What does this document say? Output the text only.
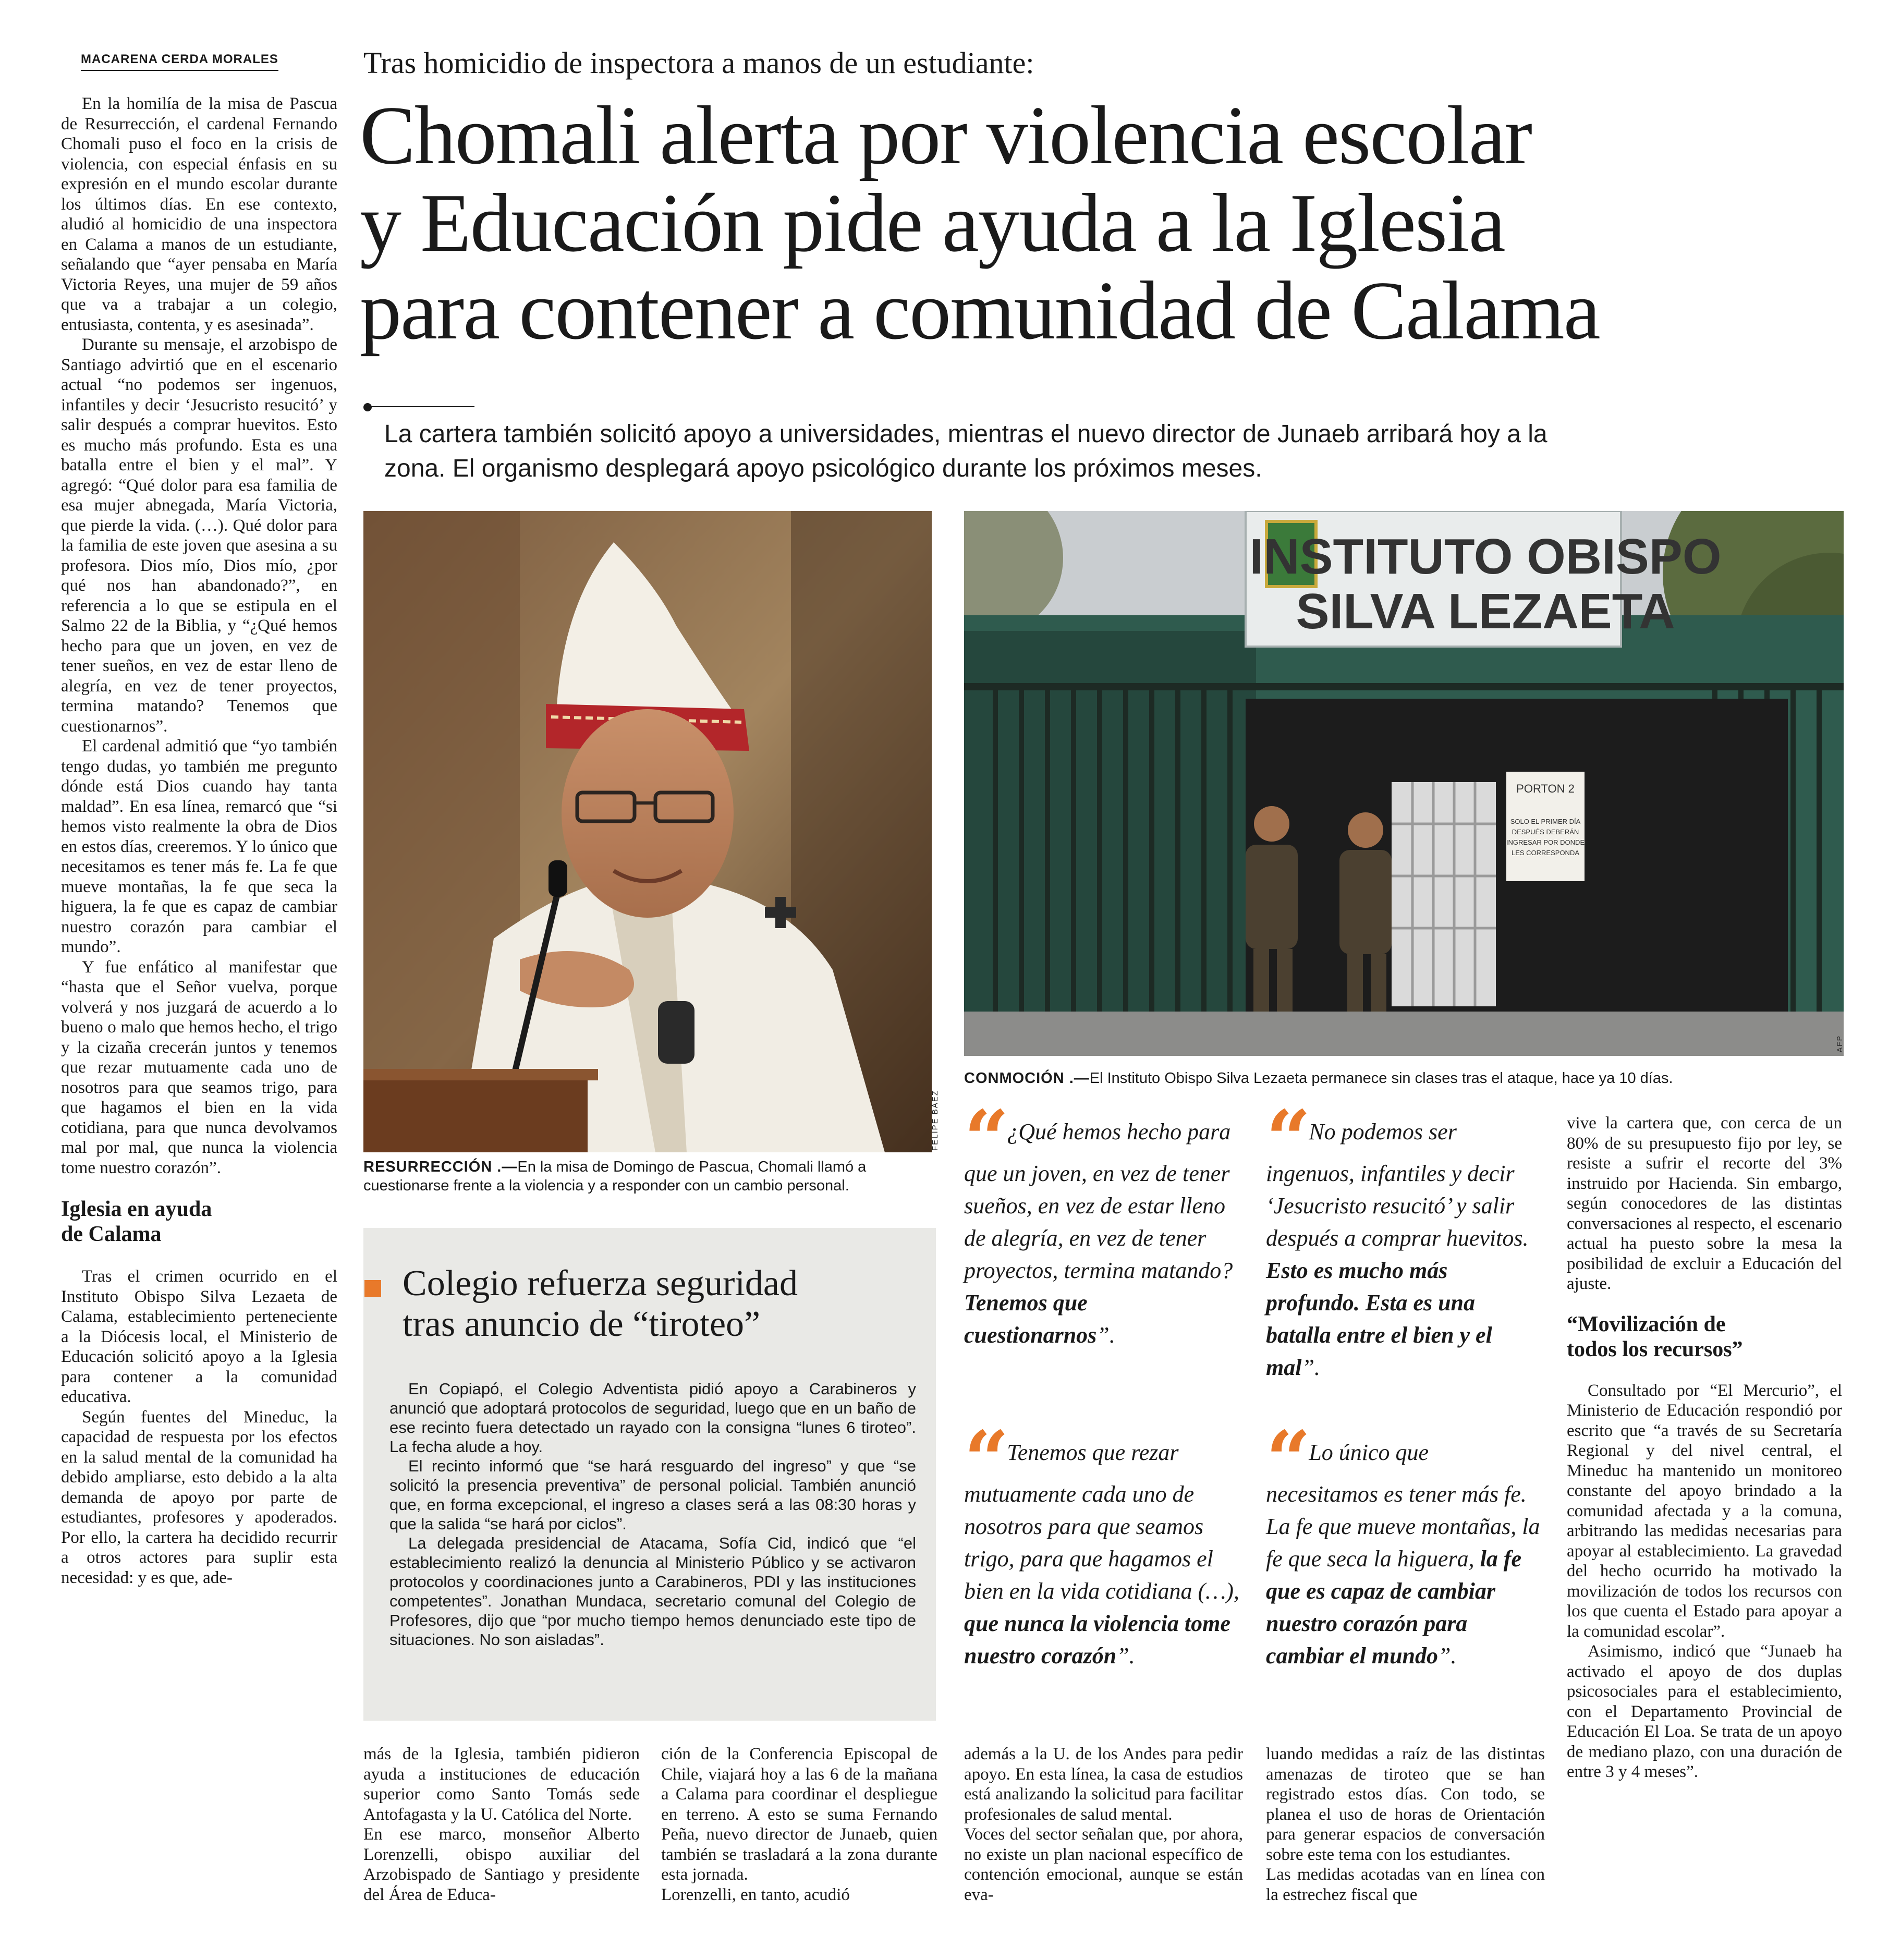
MACARENA CERDA MORALES

En la homilía de la misa de Pascua de Resurrección, el cardenal Fernando Chomali puso el foco en la crisis de violencia, con especial énfasis en su expresión en el mundo escolar durante los últimos días. En ese contexto, aludió al homicidio de una inspectora en Calama a manos de un estudiante, señalando que “ayer pensaba en María Victoria Reyes, una mujer de 59 años que va a trabajar a un colegio, entusiasta, contenta, y es asesinada”.

Durante su mensaje, el arzobispo de Santiago advirtió que en el escenario actual “no podemos ser ingenuos, infantiles y decir ‘Jesucristo resucitó’ y salir después a comprar huevitos. Esto es mucho más profundo. Esta es una batalla entre el bien y el mal”. Y agregó: “Qué dolor para esa familia de esa mujer abnegada, María Victoria, que pierde la vida. (…). Qué dolor para la familia de este joven que asesina a su profesora. Dios mío, Dios mío, ¿por qué nos han abandonado?”, en referencia a lo que se estipula en el Salmo 22 de la Biblia, y “¿Qué hemos hecho para que un joven, en vez de tener sueños, en vez de estar lleno de alegría, en vez de tener proyectos, termina matando? Tenemos que cuestionarnos”.

El cardenal admitió que “yo también tengo dudas, yo también me pregunto dónde está Dios cuando hay tanta maldad”. En esa línea, remarcó que “si hemos visto realmente la obra de Dios en estos días, creeremos. Y lo único que necesitamos es tener más fe. La fe que mueve montañas, la fe que seca la higuera, la fe que es capaz de cambiar nuestro corazón para cambiar el mundo”.

Y fue enfático al manifestar que “hasta que el Señor vuelva, porque volverá y nos juzgará de acuerdo a lo bueno o malo que hemos hecho, el trigo y la cizaña crecerán juntos y tenemos que rezar mutuamente cada uno de nosotros para que seamos trigo, para que hagamos el bien en la vida cotidiana, para que nunca devolvamos mal por mal, que nunca la violencia tome nuestro corazón”.

Iglesia en ayuda
de Calama

Tras el crimen ocurrido en el Instituto Obispo Silva Lezaeta de Calama, establecimiento perteneciente a la Diócesis local, el Ministerio de Educación solicitó apoyo a la Iglesia para contener a la comunidad educativa.

Según fuentes del Mineduc, la capacidad de respuesta por los efectos en la salud mental de la comunidad ha debido ampliarse, esto debido a la alta demanda de apoyo por parte de estudiantes, profesores y apoderados. Por ello, la cartera ha decidido recurrir a otros actores para suplir esta necesidad: y es que, ade-

Tras homicidio de inspectora a manos de un estudiante:
Chomali alerta por violencia escolar
y Educación pide ayuda a la Iglesia
para contener a comunidad de Calama
La cartera también solicitó apoyo a universidades, mientras el nuevo director de Junaeb arribará hoy a la
zona. El organismo desplegará apoyo psicológico durante los próximos meses.
FELIPE BÁEZ
RESURRECCIÓN .—En la misa de Domingo de Pascua, Chomali llamó a cuestionarse frente a la violencia y a responder con un cambio personal.
INSTITUTO OBISPO
SILVA LEZAETA
PORTON 2
SOLO EL PRIMER DÍA
DESPUÉS DEBERÁN
INGRESAR POR DONDE
LES CORRESPONDA
AFP
CONMOCIÓN .—El Instituto Obispo Silva Lezaeta permanece sin clases tras el ataque, hace ya 10 días.
Colegio refuerza seguridad
tras anuncio de “tiroteo”

En Copiapó, el Colegio Adventista pidió apoyo a Carabineros y anunció que adoptará protocolos de seguridad, luego que en un baño de ese recinto fuera detectado un rayado con la consigna “lunes 6 tiroteo”. La fecha alude a hoy.

El recinto informó que “se hará resguardo del ingreso” y que “se solicitó la presencia preventiva” de personal policial. También anunció que, en forma excepcional, el ingreso a clases será a las 08:30 horas y que la salida “se hará por ciclos”.

La delegada presidencial de Atacama, Sofía Cid, indicó que “el establecimiento realizó la denuncia al Ministerio Público y se activaron protocolos y coordinaciones junto a Carabineros, PDI y las instituciones competentes”. Jonathan Mundaca, secretario comunal del Colegio de Profesores, dijo que “por mucho tiempo hemos denunciado este tipo de situaciones. No son aisladas”.

“ ¿Qué hemos hecho para que un joven, en vez de tener sueños, en vez de estar lleno de alegría, en vez de tener proyectos, termina matando? Tenemos que cuestionarnos”.
“ No podemos ser ingenuos, infantiles y decir ‘Jesucristo resucitó’ y salir después a comprar huevitos. Esto es mucho más profundo. Esta es una batalla entre el bien y el mal”.
“ Tenemos que rezar mutuamente cada uno de nosotros para que seamos trigo, para que hagamos el bien en la vida cotidiana (…), que nunca la violencia tome nuestro corazón”.
“ Lo único que necesitamos es tener más fe. La fe que mueve montañas, la fe que seca la higuera, la fe que es capaz de cambiar nuestro corazón para cambiar el mundo”.

vive la cartera que, con cerca de un 80% de su presupuesto fijo por ley, se resiste a sufrir el recorte del 3% instruido por Hacienda. Sin embargo, según conocedores de las distintas conversaciones al respecto, el escenario actual ha puesto sobre la mesa la posibilidad de excluir a Educación del ajuste.

“Movilización de
todos los recursos”

Consultado por “El Mercurio”, el Ministerio de Educación respondió por escrito que “a través de su Secretaría Regional y del nivel central, el Mineduc ha mantenido un monitoreo constante del apoyo brindado a la comunidad afectada y a la comuna, arbitrando las medidas necesarias para apoyar al establecimiento. La gravedad del hecho ocurrido ha motivado la movilización de todos los recursos con los que cuenta el Estado para apoyar a la comunidad escolar”.

Asimismo, indicó que “Junaeb ha activado el apoyo de dos duplas psicosociales para el establecimiento, con el Departamento Provincial de Educación El Loa. Se trata de un apoyo de mediano plazo, con una duración de entre 3 y 4 meses”.

más de la Iglesia, también pidieron ayuda a instituciones de educación superior como Santo Tomás sede Antofagasta y la U. Católica del Norte.
En ese marco, monseñor Alberto Lorenzelli, obispo auxiliar del Arzobispado de Santiago y presidente del Área de Educa-
ción de la Conferencia Episcopal de Chile, viajará hoy a las 6 de la mañana a Calama para coordinar el despliegue en terreno. A esto se suma Fernando Peña, nuevo director de Junaeb, quien también se trasladará a la zona durante esta jornada.
Lorenzelli, en tanto, acudió
además a la U. de los Andes para pedir apoyo. En esta línea, la casa de estudios está analizando la solicitud para facilitar profesionales de salud mental.
Voces del sector señalan que, por ahora, no existe un plan nacional específico de contención emocional, aunque se están eva-
luando medidas a raíz de las distintas amenazas de tiroteo que se han registrado estos días. Con todo, se planea el uso de horas de Orientación para generar espacios de conversación sobre este tema con los estudiantes.
Las medidas acotadas van en línea con la estrechez fiscal que
